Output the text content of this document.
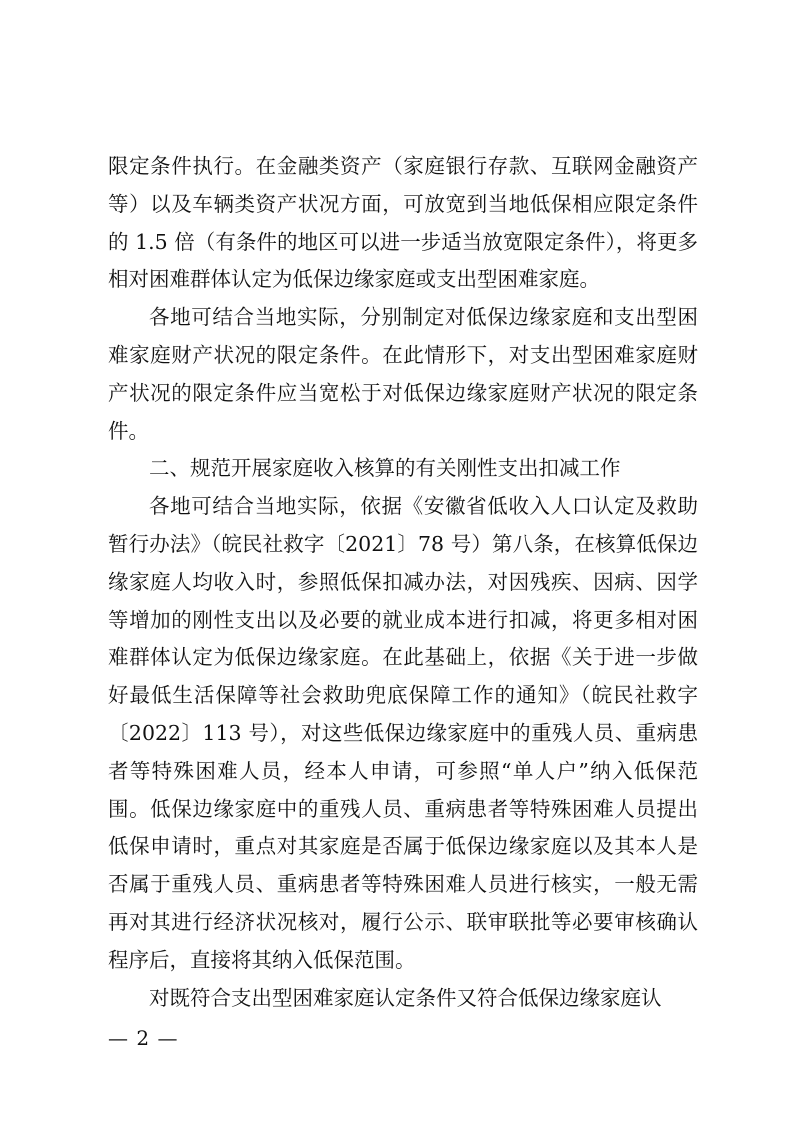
限定条件执行。在金融类资产（家庭银行存款、互联网金融资产等）以及车辆类资产状况方面，可放宽到当地低保相应限定条件的 1.5 倍（有条件的地区可以进一步适当放宽限定条件），将更多相对困难群体认定为低保边缘家庭或支出型困难家庭。

各地可结合当地实际，分别制定对低保边缘家庭和支出型困难家庭财产状况的限定条件。在此情形下，对支出型困难家庭财产状况的限定条件应当宽松于对低保边缘家庭财产状况的限定条件。

二、规范开展家庭收入核算的有关刚性支出扣减工作

各地可结合当地实际，依据《安徽省低收入人口认定及救助暂行办法》（皖民社救字〔2021〕78 号）第八条，在核算低保边缘家庭人均收入时，参照低保扣减办法，对因残疾、因病、因学等增加的刚性支出以及必要的就业成本进行扣减，将更多相对困难群体认定为低保边缘家庭。在此基础上，依据《关于进一步做好最低生活保障等社会救助兜底保障工作的通知》（皖民社救字〔2022〕113 号），对这些低保边缘家庭中的重残人员、重病患者等特殊困难人员，经本人申请，可参照“单人户”纳入低保范围。低保边缘家庭中的重残人员、重病患者等特殊困难人员提出低保申请时，重点对其家庭是否属于低保边缘家庭以及其本人是否属于重残人员、重病患者等特殊困难人员进行核实，一般无需再对其进行经济状况核对，履行公示、联审联批等必要审核确认程序后，直接将其纳入低保范围。

对既符合支出型困难家庭认定条件又符合低保边缘家庭认

— 2 —
